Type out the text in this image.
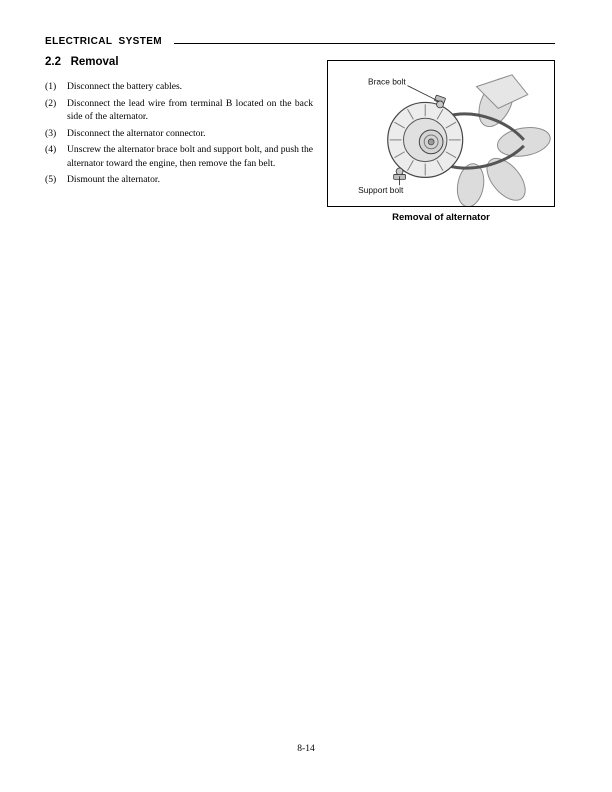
ELECTRICAL  SYSTEM
2.2   Removal
(1)	Disconnect the battery cables.
(2)	Disconnect the lead wire from terminal B located on the back side of the alternator.
(3)	Disconnect the alternator connector.
(4)	Unscrew the alternator brace bolt and support bolt, and push the alternator toward the engine, then remove the fan belt.
(5)	Dismount the alternator.
Brace bolt
Support bolt
Removal of alternator
8-14
